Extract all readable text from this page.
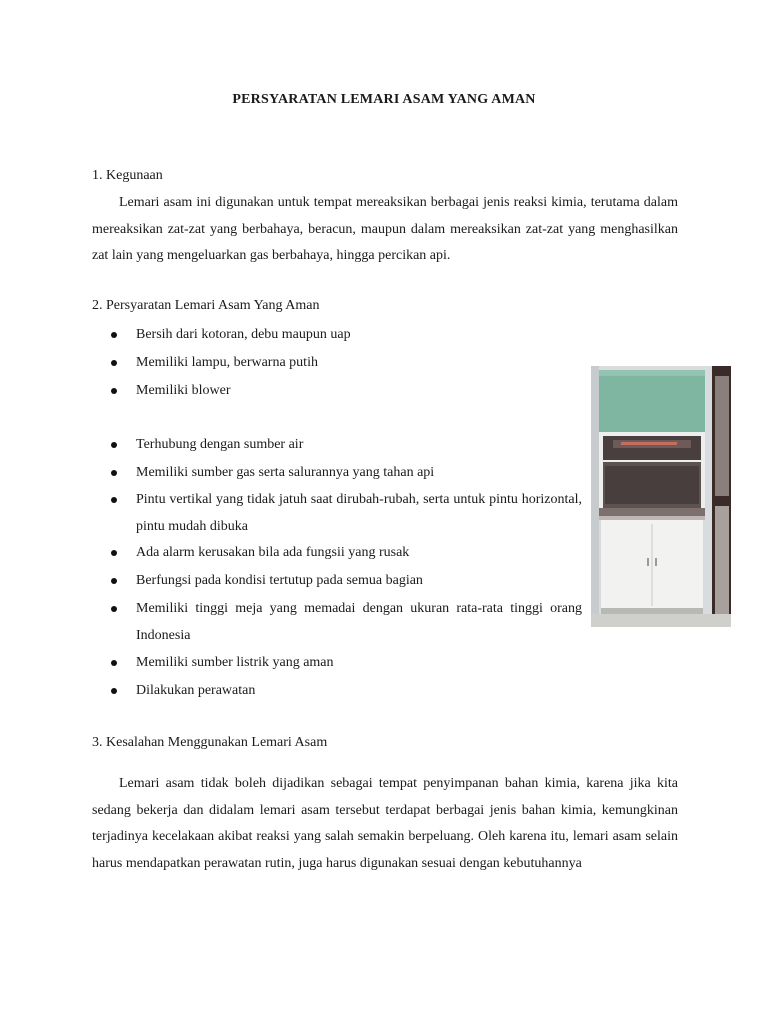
PERSYARATAN LEMARI ASAM YANG AMAN
1. Kegunaan

Lemari asam ini digunakan untuk tempat mereaksikan berbagai jenis reaksi kimia, terutama dalam mereaksikan zat-zat yang berbahaya, beracun, maupun dalam mereaksikan zat-zat yang menghasilkan zat lain yang mengeluarkan gas berbahaya, hingga percikan api.

2. Persyaratan Lemari Asam Yang Aman
Bersih dari kotoran, debu maupun uap
Memiliki lampu, berwarna putih
Memiliki blower
Terhubung dengan sumber air
Memiliki sumber gas serta salurannya yang tahan api
Pintu vertikal yang tidak jatuh saat dirubah-rubah, serta untuk pintu horizontal, pintu mudah dibuka
Ada alarm kerusakan bila ada fungsii yang rusak
Berfungsi pada kondisi tertutup pada semua bagian
Memiliki tinggi meja yang memadai dengan ukuran rata-rata tinggi orang Indonesia
Memiliki sumber listrik yang aman
Dilakukan perawatan
3. Kesalahan Menggunakan Lemari Asam

Lemari asam tidak boleh dijadikan sebagai tempat penyimpanan bahan kimia, karena jika kita sedang bekerja dan didalam lemari asam tersebut terdapat berbagai jenis bahan kimia, kemungkinan terjadinya kecelakaan akibat reaksi yang salah semakin berpeluang. Oleh karena itu, lemari asam selain harus mendapatkan perawatan rutin, juga harus digunakan sesuai dengan kebutuhannya
